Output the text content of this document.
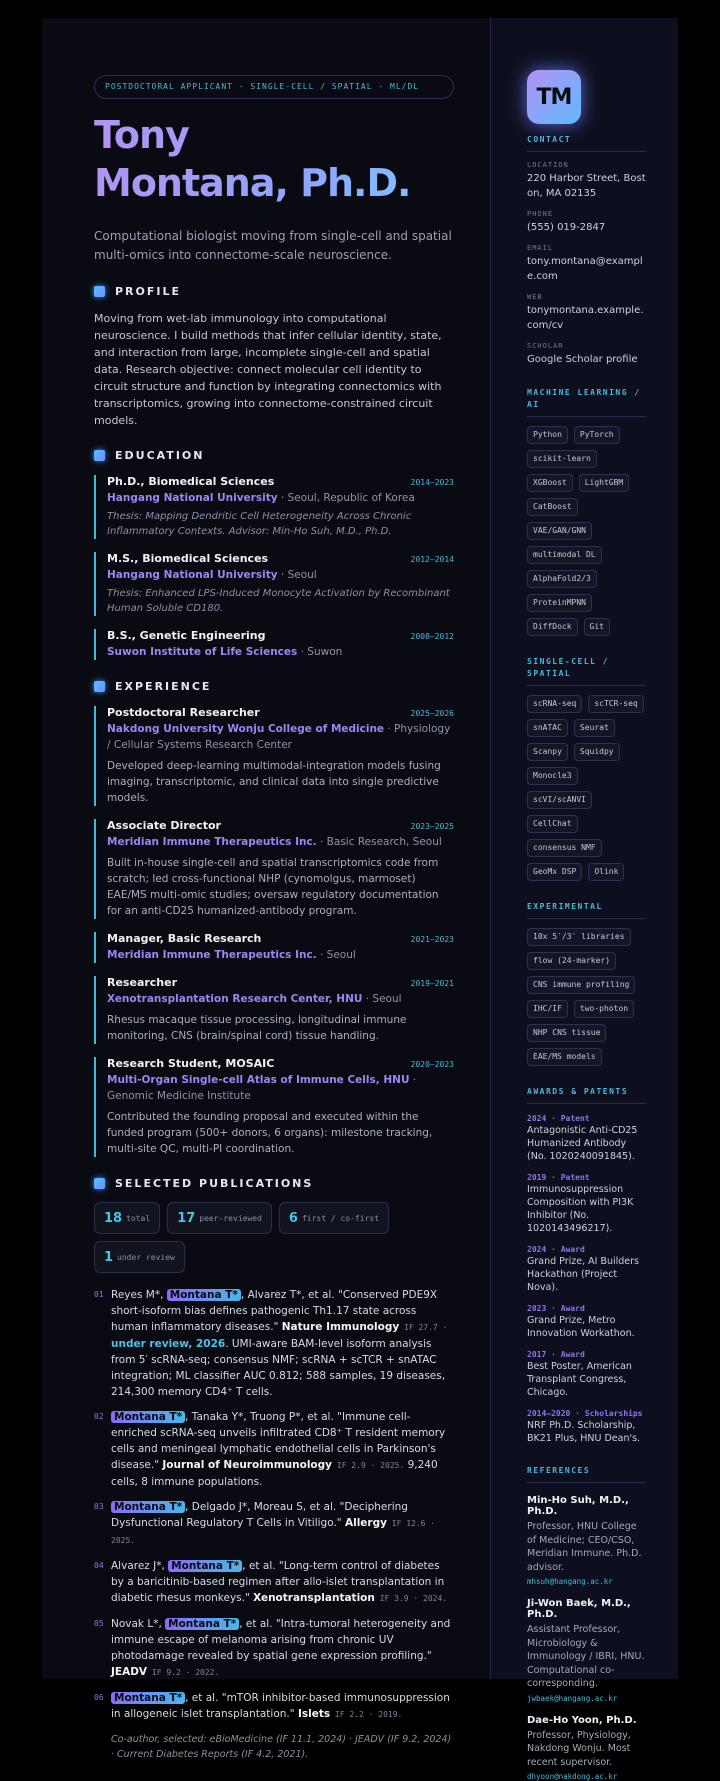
POSTDOCTORAL APPLICANT · SINGLE-CELL / SPATIAL · ML/DL
Tony
Montana, Ph.D.
Computational biologist moving from single-cell and spatial multi-omics into connectome-scale neuroscience.
PROFILE
Moving from wet-lab immunology into computational neuroscience. I build methods that infer cellular identity, state, and interaction from large, incomplete single-cell and spatial data. Research objective: connect molecular cell identity to circuit structure and function by integrating connectomics with transcriptomics, growing into connectome-constrained circuit models.
EDUCATION
Ph.D., Biomedical Sciences	2014–2023
Hangang National University · Seoul, Republic of Korea
Thesis: Mapping Dendritic Cell Heterogeneity Across Chronic Inflammatory Contexts. Advisor: Min-Ho Suh, M.D., Ph.D.
M.S., Biomedical Sciences	2012–2014
Hangang National University · Seoul
Thesis: Enhanced LPS-Induced Monocyte Activation by Recombinant Human Soluble CD180.
B.S., Genetic Engineering	2008–2012
Suwon Institute of Life Sciences · Suwon
EXPERIENCE
Postdoctoral Researcher	2025–2026
Nakdong University Wonju College of Medicine · Physiology / Cellular Systems Research Center
Developed deep-learning multimodal-integration models fusing imaging, transcriptomic, and clinical data into single predictive models.
Associate Director	2023–2025
Meridian Immune Therapeutics Inc. · Basic Research, Seoul
Built in-house single-cell and spatial transcriptomics code from scratch; led cross-functional NHP (cynomolgus, marmoset) EAE/MS multi-omic studies; oversaw regulatory documentation for an anti-CD25 humanized-antibody program.
Manager, Basic Research	2021–2023
Meridian Immune Therapeutics Inc. · Seoul
Researcher	2019–2021
Xenotransplantation Research Center, HNU · Seoul
Rhesus macaque tissue processing, longitudinal immune monitoring, CNS (brain/spinal cord) tissue handling.
Research Student, MOSAIC	2020–2023
Multi-Organ Single-cell Atlas of Immune Cells, HNU · Genomic Medicine Institute
Contributed the founding proposal and executed within the funded program (500+ donors, 6 organs): milestone tracking, multi-site QC, multi-PI coordination.
SELECTED PUBLICATIONS
18 total 17 peer-reviewed 6 first / co-first
1 under review
01 Reyes M*, Montana T* , Alvarez T*, et al. "Conserved PDE9X short-isoform bias defines pathogenic Th1.17 state across human inflammatory diseases." Nature Immunology IF 27.7 · under review, 2026. UMI-aware BAM-level isoform analysis from 5′ scRNA-seq; consensus NMF; scRNA + scTCR + snATAC integration; ML classifier AUC 0.812; 588 samples, 19 diseases, 214,300 memory CD4⁺ T cells.
02 Montana T* , Tanaka Y*, Truong P*, et al. "Immune cell-enriched scRNA-seq unveils infiltrated CD8⁺ T resident memory cells and meningeal lymphatic endothelial cells in Parkinson's disease." Journal of Neuroimmunology IF 2.9 · 2025. 9,240 cells, 8 immune populations.
03 Montana T* , Delgado J*, Moreau S, et al. "Deciphering Dysfunctional Regulatory T Cells in Vitiligo." Allergy IF 12.6 · 2025.
04 Alvarez J*, Montana T* , et al. "Long-term control of diabetes by a baricitinib-based regimen after allo-islet transplantation in diabetic rhesus monkeys." Xenotransplantation IF 3.9 · 2024.
05 Novak L*, Montana T* , et al. "Intra-tumoral heterogeneity and immune escape of melanoma arising from chronic UV photodamage revealed by spatial gene expression profiling." JEADV IF 9.2 · 2022.
06 Montana T* , et al. "mTOR inhibitor-based immunosuppression in allogeneic islet transplantation." Islets IF 2.2 · 2019.
Co-author, selected: eBioMedicine (IF 11.1, 2024) · JEADV (IF 9.2, 2024) · Current Diabetes Reports (IF 4.2, 2021).
TM
CONTACT
LOCATION
220 Harbor Street, Boston, MA 02135
PHONE
(555) 019-2847
EMAIL
tony.montana@example.com
WEB
tonymontana.example.com/cv
SCHOLAR
Google Scholar profile
MACHINE LEARNING / AI
Python	PyTorch
scikit-learn
XGBoost	LightGBM
CatBoost
VAE/GAN/GNN
multimodal DL
AlphaFold2/3
ProteinMPNN
DiffDock	Git
SINGLE-CELL / SPATIAL
scRNA-seq	scTCR-seq
snATAC	Seurat
Scanpy	Squidpy
Monocle3
scVI/scANVI
CellChat
consensus NMF
GeoMx DSP	Olink
EXPERIMENTAL
10x 5′/3′ libraries
flow (24-marker)
CNS immune profiling
IHC/IF	two-photon
NHP CNS tissue
EAE/MS models
AWARDS & PATENTS
2024 · Patent
Antagonistic Anti-CD25 Humanized Antibody (No. 1020240091845).
2019 · Patent
Immunosuppression Composition with PI3K Inhibitor (No. 1020143496217).
2024 · Award
Grand Prize, AI Builders Hackathon (Project Nova).
2023 · Award
Grand Prize, Metro Innovation Workathon.
2017 · Award
Best Poster, American Transplant Congress, Chicago.
2014–2020 · Scholarships
NRF Ph.D. Scholarship, BK21 Plus, HNU Dean's.
REFERENCES
Min-Ho Suh, M.D., Ph.D.
Professor, HNU College of Medicine; CEO/CSO, Meridian Immune. Ph.D. advisor.
mhsuh@hangang.ac.kr
Ji-Won Baek, M.D., Ph.D.
Assistant Professor, Microbiology & Immunology / IBRI, HNU. Computational co-corresponding.
jwbaek@hangang.ac.kr
Dae-Ho Yoon, Ph.D.
Professor, Physiology, Nakdong Wonju. Most recent supervisor.
dhyoon@nakdong.ac.kr
